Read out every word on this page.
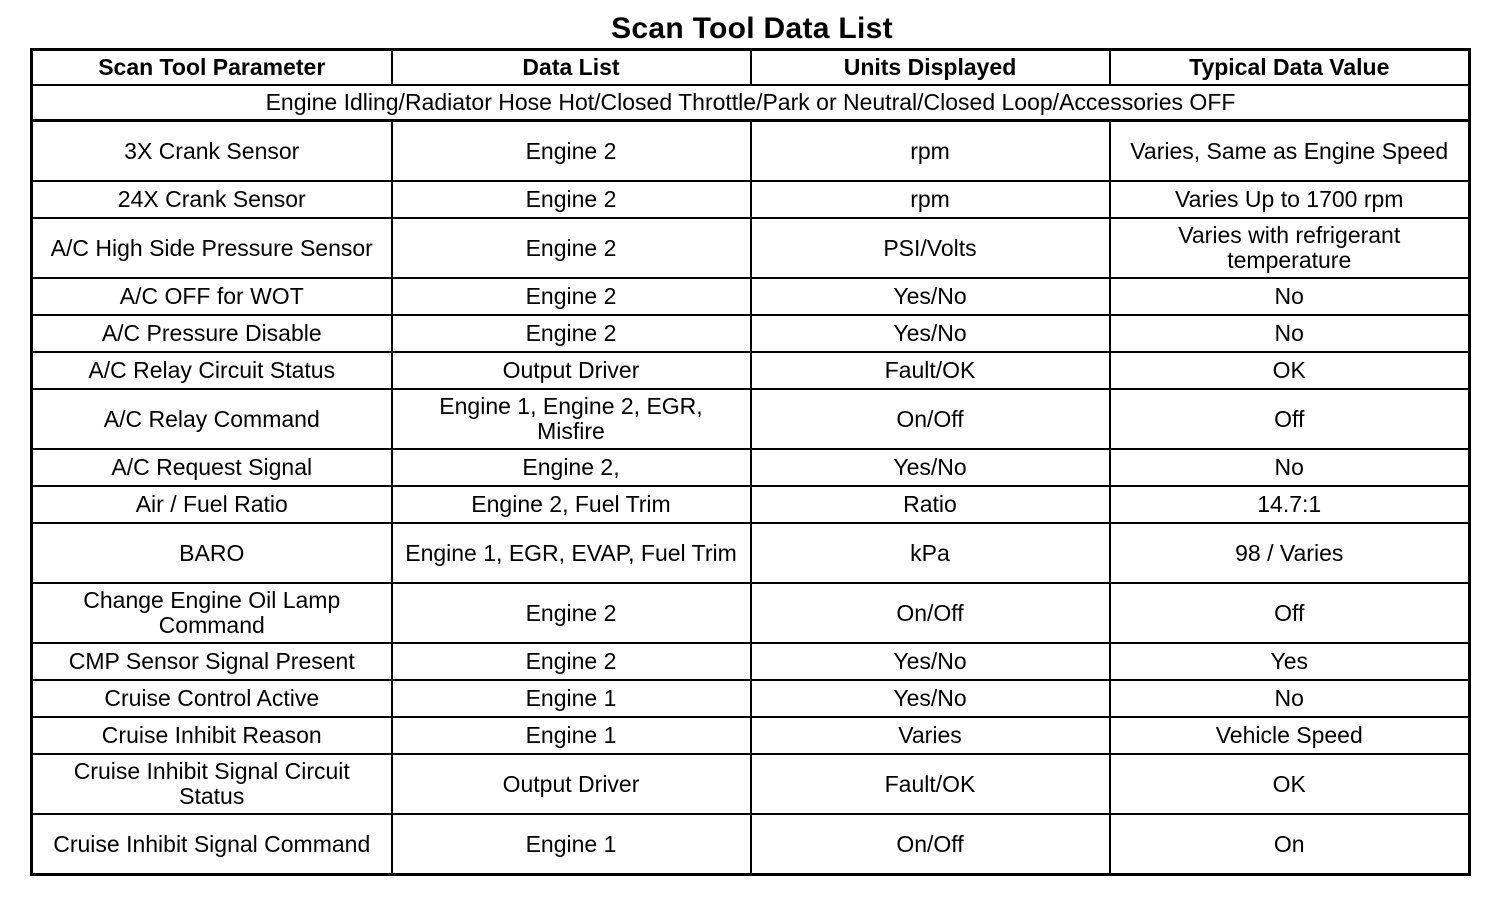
Scan Tool Data List
Scan Tool Parameter	Data List	Units Displayed	Typical Data Value
Engine Idling/Radiator Hose Hot/Closed Throttle/Park or Neutral/Closed Loop/Accessories OFF			
3X Crank Sensor	Engine 2	rpm	Varies, Same as Engine Speed
24X Crank Sensor	Engine 2	rpm	Varies Up to 1700 rpm
A/C High Side Pressure Sensor	Engine 2	PSI/Volts	Varies with refrigerant temperature
A/C OFF for WOT	Engine 2	Yes/No	No
A/C Pressure Disable	Engine 2	Yes/No	No
A/C Relay Circuit Status	Output Driver	Fault/OK	OK
A/C Relay Command	Engine 1, Engine 2, EGR, Misfire	On/Off	Off
A/C Request Signal	Engine 2,	Yes/No	No
Air / Fuel Ratio	Engine 2, Fuel Trim	Ratio	14.7:1
BARO	Engine 1, EGR, EVAP, Fuel Trim	kPa	98 / Varies
Change Engine Oil Lamp Command	Engine 2	On/Off	Off
CMP Sensor Signal Present	Engine 2	Yes/No	Yes
Cruise Control Active	Engine 1	Yes/No	No
Cruise Inhibit Reason	Engine 1	Varies	Vehicle Speed
Cruise Inhibit Signal Circuit Status	Output Driver	Fault/OK	OK
Cruise Inhibit Signal Command	Engine 1	On/Off	On
